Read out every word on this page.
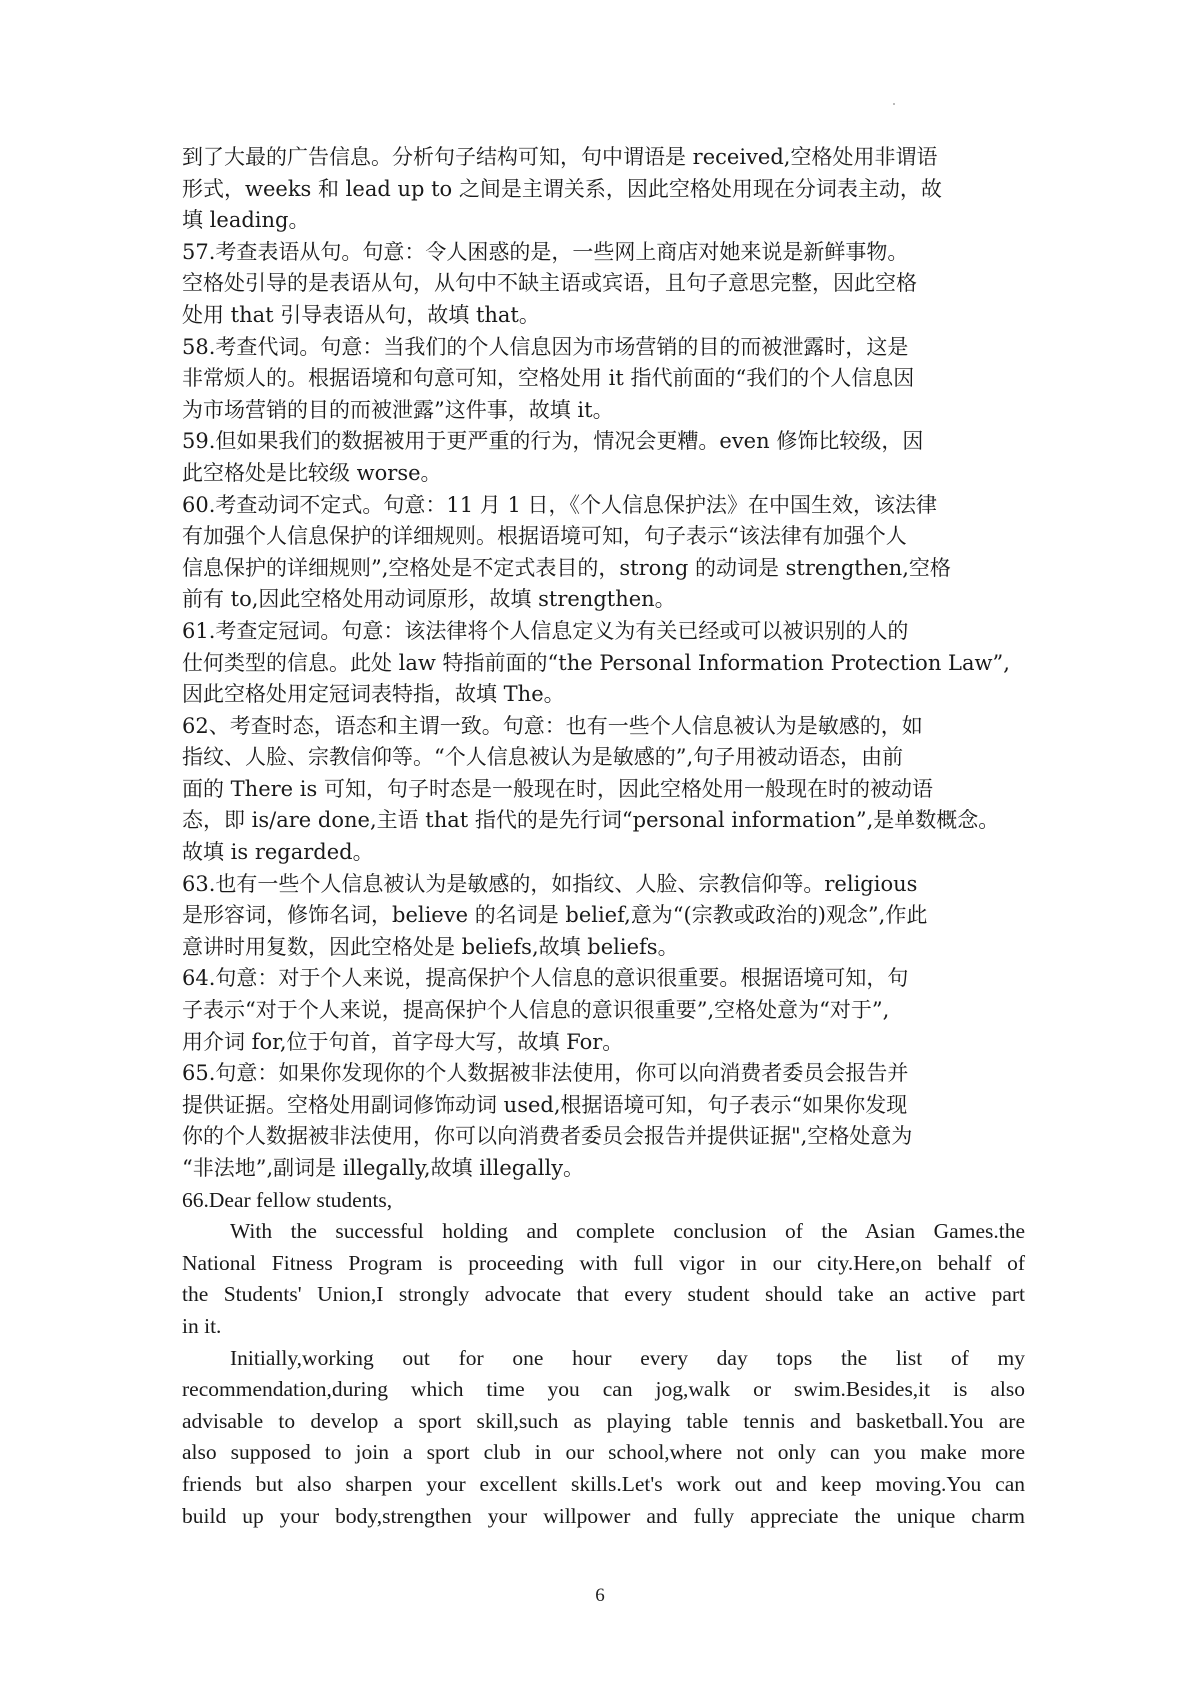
到了大最的广告信息。分析句子结构可知，句中谓语是 received,空格处用非谓语

形式，weeks 和 lead up to 之间是主谓关系，因此空格处用现在分词表主动，故

填 leading。

57.考查表语从句。句意：令人困惑的是，一些网上商店对她来说是新鲜事物。

空格处引导的是表语从句，从句中不缺主语或宾语，且句子意思完整，因此空格

处用 that 引导表语从句，故填 that。

58.考查代词。句意：当我们的个人信息因为市场营销的目的而被泄露时，这是

非常烦人的。根据语境和句意可知，空格处用 it 指代前面的“我们的个人信息因

为市场营销的目的而被泄露”这件事，故填 it。

59.但如果我们的数据被用于更严重的行为，情况会更糟。even 修饰比较级，因

此空格处是比较级 worse。

60.考查动词不定式。句意：11 月 1 日，《个人信息保护法》在中国生效，该法律

有加强个人信息保护的详细规则。根据语境可知，句子表示“该法律有加强个人

信息保护的详细规则”,空格处是不定式表目的，strong 的动词是 strengthen,空格

前有 to,因此空格处用动词原形，故填 strengthen。

61.考查定冠词。句意：该法律将个人信息定义为有关已经或可以被识别的人的

仕何类型的信息。此处 law 特指前面的“the Personal Information Protection Law”,

因此空格处用定冠词表特指，故填 The。

62、考查时态，语态和主谓一致。句意：也有一些个人信息被认为是敏感的，如

指纹、人脸、宗教信仰等。“个人信息被认为是敏感的”,句子用被动语态，由前

面的 There is 可知，句子时态是一般现在时，因此空格处用一般现在时的被动语

态，即 is/are done,主语 that 指代的是先行词“personal information”,是单数概念。

故填 is regarded。

63.也有一些个人信息被认为是敏感的，如指纹、人脸、宗教信仰等。religious

是形容词，修饰名词，believe 的名词是 belief,意为“(宗教或政治的)观念”,作此

意讲时用复数，因此空格处是 beliefs,故填 beliefs。

64.句意：对于个人来说，提高保护个人信息的意识很重要。根据语境可知，句

子表示“对于个人来说，提高保护个人信息的意识很重要”,空格处意为“对于”,

用介词 for,位于句首，首字母大写，故填 For。

65.句意：如果你发现你的个人数据被非法使用，你可以向消费者委员会报告并

提供证据。空格处用副词修饰动词 used,根据语境可知，句子表示“如果你发现

你的个人数据被非法使用，你可以向消费者委员会报告并提供证据",空格处意为

“非法地”,副词是 illegally,故填 illegally。

66.Dear fellow students,

With the successful holding and complete conclusion of the Asian Games.the
National Fitness Program is proceeding with full vigor in our city.Here,on behalf of
the Students' Union,I strongly advocate that every student should take an active part
in it.
Initially,working out for one hour every day tops the list of my
recommendation,during which time you can jog,walk or swim.Besides,it is also
advisable to develop a sport skill,such as playing table tennis and basketball.You are
also supposed to join a sport club in our school,where not only can you make more
friends but also sharpen your excellent skills.Let's work out and keep moving.You can
build up your body,strengthen your willpower and fully appreciate the unique charm
6
